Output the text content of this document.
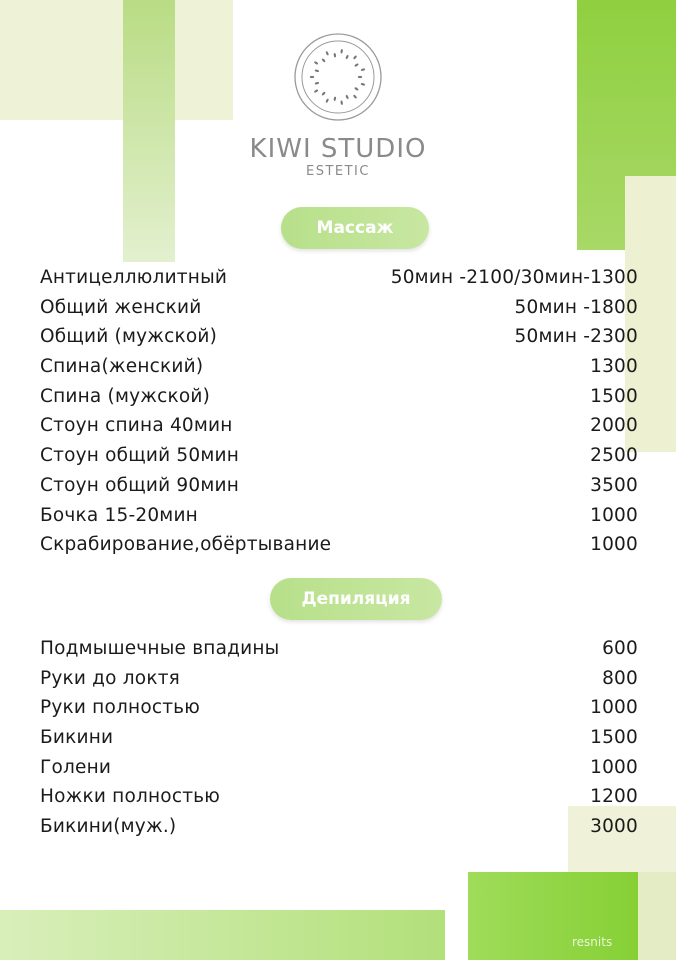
KIWI STUDIO
ESTETIC
Массаж
Антицеллюлитный	50мин -2100/30мин-1300
Общий женский	50мин -1800
Общий (мужской)	50мин -2300
Спина(женский)	1300
Спина (мужской)	1500
Стоун спина 40мин	2000
Стоун общий 50мин	2500
Стоун общий 90мин	3500
Бочка 15-20мин	1000
Скрабирование,обёртывание	1000
Депиляция
Подмышечные впадины	600
Руки до локтя	800
Руки полностью	1000
Бикини	1500
Голени	1000
Ножки полностью	1200
Бикини(муж.)	3000
resnits
